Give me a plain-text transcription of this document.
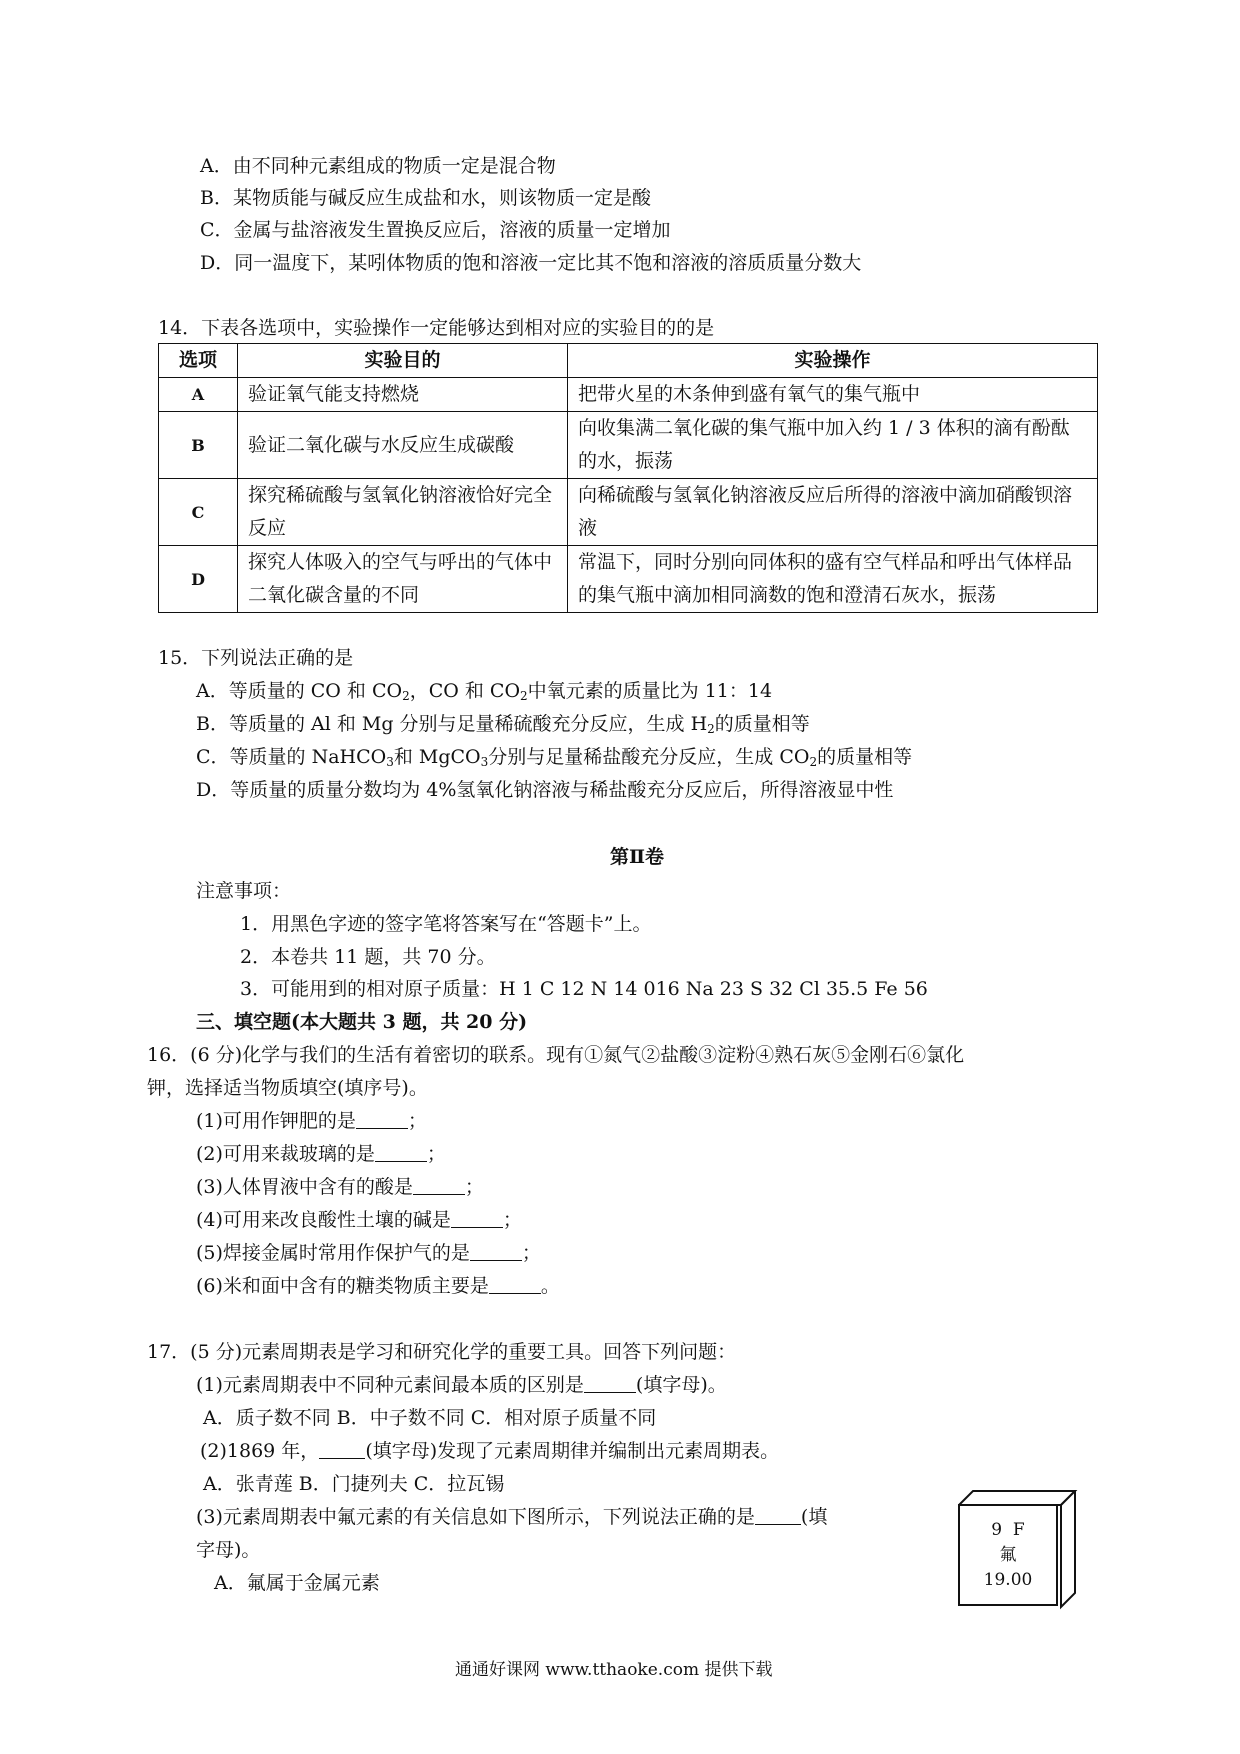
A．由不同种元素组成的物质一定是混合物
B．某物质能与碱反应生成盐和水，则该物质一定是酸
C．金属与盐溶液发生置换反应后，溶液的质量一定增加
D．同一温度下，某吲体物质的饱和溶液一定比其不饱和溶液的溶质质量分数大
14．下表各选项中，实验操作一定能够达到相对应的实验目的的是
选项	实验目的	实验操作
A	验证氧气能支持燃烧	把带火星的木条伸到盛有氧气的集气瓶中
B	验证二氧化碳与水反应生成碳酸	向收集满二氧化碳的集气瓶中加入约 1 / 3 体积的滴有酚酞的水，振荡
C	探究稀硫酸与氢氧化钠溶液恰好完全反应	向稀硫酸与氢氧化钠溶液反应后所得的溶液中滴加硝酸钡溶液
D	探究人体吸入的空气与呼出的气体中二氧化碳含量的不同	常温下，同时分别向同体积的盛有空气样品和呼出气体样品的集气瓶中滴加相同滴数的饱和澄清石灰水，振荡
15．下列说法正确的是
A．等质量的 CO 和 $CO_2$，CO 和 $CO_2$中氧元素的质量比为 11：14
B．等质量的 Al 和 Mg 分别与足量稀硫酸充分反应，生成 $H_2$的质量相等
C．等质量的 NaHCO$_3$和 MgCO$_3$分别与足量稀盐酸充分反应，生成 $CO_2$的质量相等
D．等质量的质量分数均为 4%氢氧化钠溶液与稀盐酸充分反应后，所得溶液显中性
第Ⅱ卷
注意事项：
1．用黑色字迹的签字笔将答案写在“答题卡”上。
2．本卷共 11 题，共 70 分。
3．可能用到的相对原子质量：H 1 C 12 N 14 016 Na 23 S 32 Cl 35.5 Fe 56
三、填空题(本大题共 3 题，共 20 分)
16．(6 分)化学与我们的生活有着密切的联系。现有①氮气②盐酸③淀粉④熟石灰⑤金刚石⑥氯化
钾，选择适当物质填空(填序号)。
(1)可用作钾肥的是	；
(2)可用来裁玻璃的是	；
(3)人体胃液中含有的酸是	；
(4)可用来改良酸性土壤的碱是	；
(5)焊接金属时常用作保护气的是	；
(6)米和面中含有的糖类物质主要是	。
17．(5 分)元素周期表是学习和研究化学的重要工具。回答下列问题：
(1)元素周期表中不同种元素间最本质的区别是	(填字母)。
A．质子数不同 B．中子数不同 C．相对原子质量不同
(2)1869 年， (填字母)发现了元素周期律并编制出元素周期表。
A．张青莲 B．门捷列夫 C．拉瓦锡
(3)元素周期表中氟元素的有关信息如下图所示，下列说法正确的是 (填
字母)。
A．氟属于金属元素
9 F
氟
19.00
通通好课网 www.tthaoke.com 提供下载
